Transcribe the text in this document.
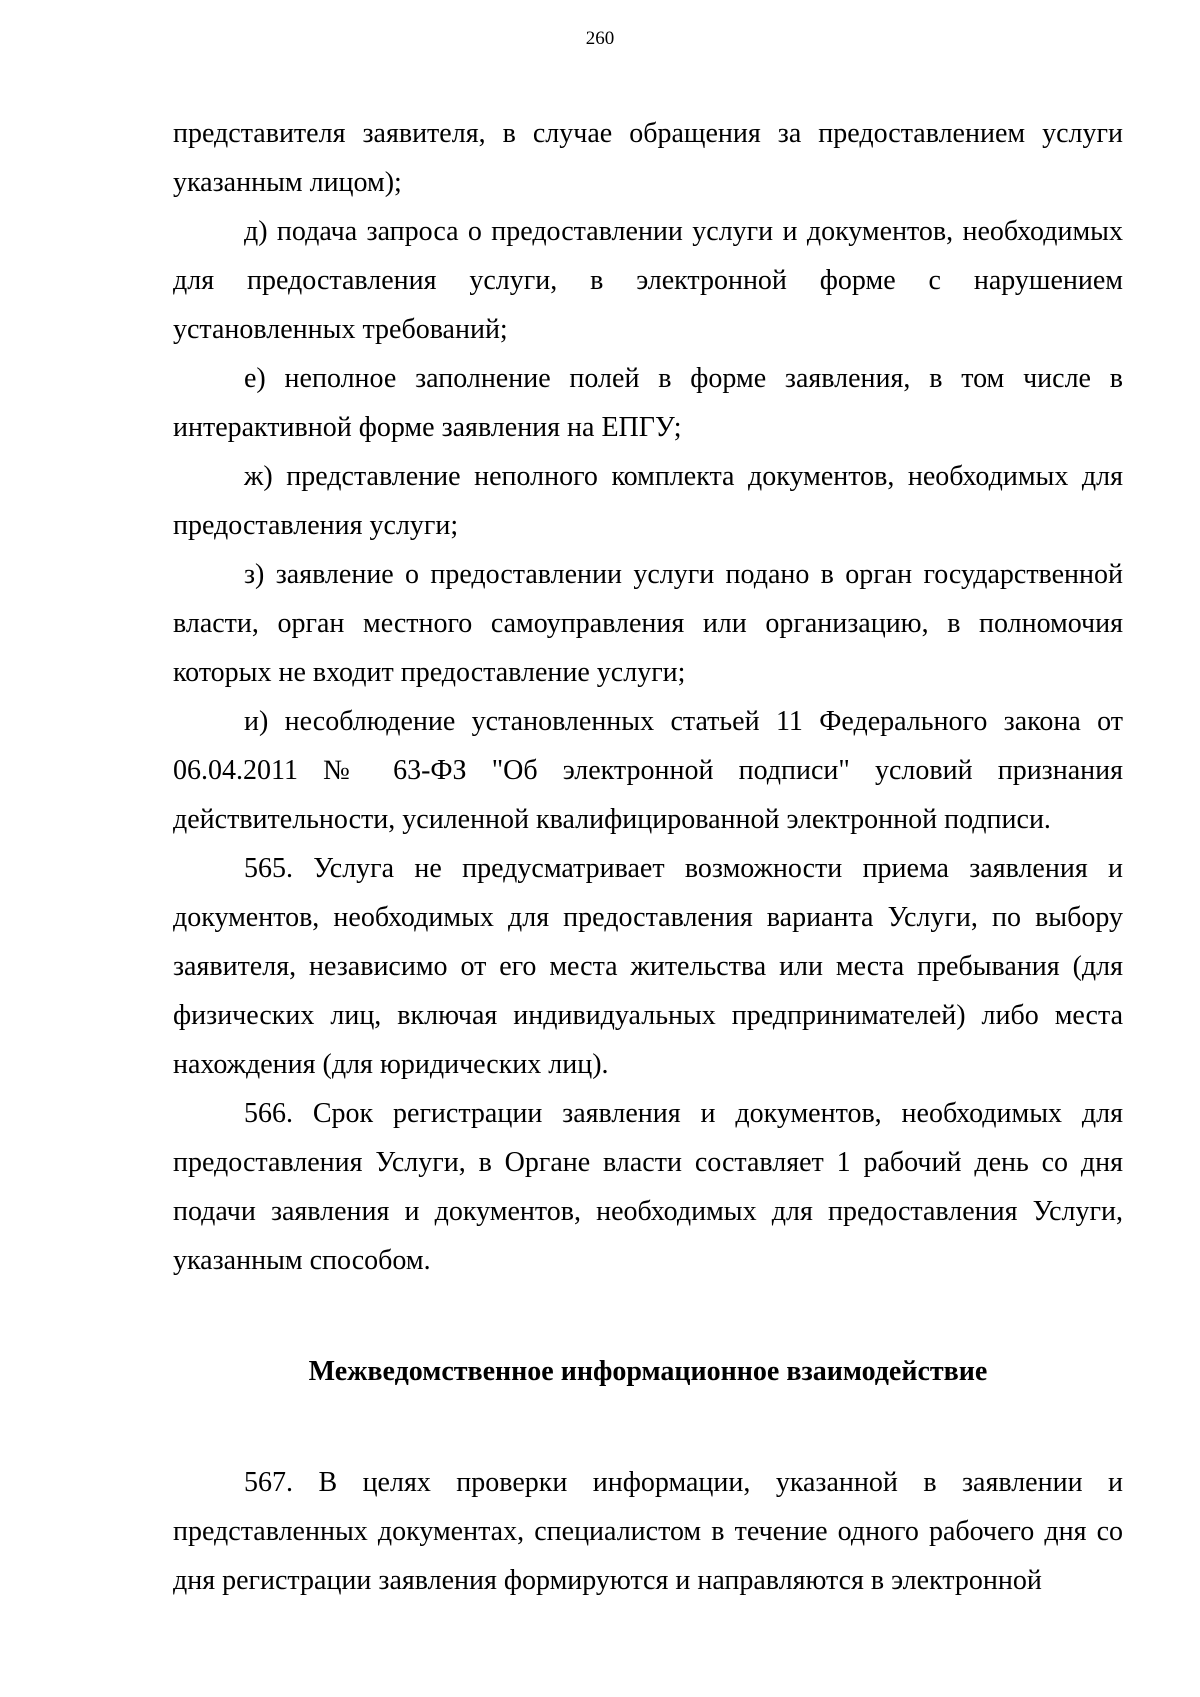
260

представителя заявителя, в случае обращения за предоставлением услуги указанным лицом);

д) подача запроса о предоставлении услуги и документов, необходимых для предоставления услуги, в электронной форме с нарушением установленных требований;

е) неполное заполнение полей в форме заявления, в том числе в интерактивной форме заявления на ЕПГУ;

ж) представление неполного комплекта документов, необходимых для предоставления услуги;

з) заявление о предоставлении услуги подано в орган государственной власти, орган местного самоуправления или организацию, в полномочия которых не входит предоставление услуги;

и) несоблюдение установленных статьей 11 Федерального закона от 06.04.2011 № 63-ФЗ "Об электронной подписи" условий признания действительности, усиленной квалифицированной электронной подписи.

565. Услуга не предусматривает возможности приема заявления и документов, необходимых для предоставления варианта Услуги, по выбору заявителя, независимо от его места жительства или места пребывания (для физических лиц, включая индивидуальных предпринимателей) либо места нахождения (для юридических лиц).

566. Срок регистрации заявления и документов, необходимых для предоставления Услуги, в Органе власти составляет 1 рабочий день со дня подачи заявления и документов, необходимых для предоставления Услуги, указанным способом.

Межведомственное информационное взаимодействие

567. В целях проверки информации, указанной в заявлении и представленных документах, специалистом в течение одного рабочего дня со дня регистрации заявления формируются и направляются в электронной
